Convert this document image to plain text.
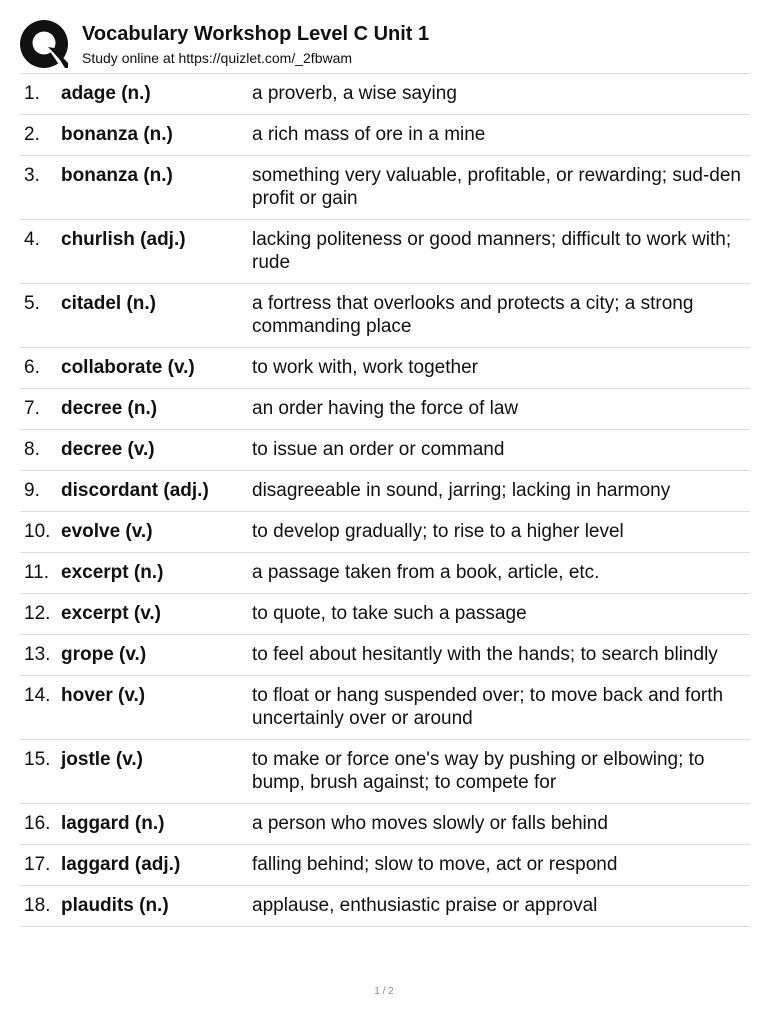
Vocabulary Workshop Level C Unit 1
Study online at https://quizlet.com/_2fbwam
1.	adage (n.)	a proverb, a wise saying
2.	bonanza (n.)	a rich mass of ore in a mine
3.	bonanza (n.)	something very valuable, profitable, or rewarding; sud-den profit or gain
4.	churlish (adj.)	lacking politeness or good manners; difficult to work with; rude
5.	citadel (n.)	a fortress that overlooks and protects a city; a strong commanding place
6.	collaborate (v.)	to work with, work together
7.	decree (n.)	an order having the force of law
8.	decree (v.)	to issue an order or command
9.	discordant (adj.)	disagreeable in sound, jarring; lacking in harmony
10. evolve (v.)	to develop gradually; to rise to a higher level
11. excerpt (n.)	a passage taken from a book, article, etc.
12. excerpt (v.)	to quote, to take such a passage
13. grope (v.)	to feel about hesitantly with the hands; to search blindly
14. hover (v.)	to float or hang suspended over; to move back and forth uncertainly over or around
15. jostle (v.)	to make or force one's way by pushing or elbowing; to bump, brush against; to compete for
16. laggard (n.)	a person who moves slowly or falls behind
17. laggard (adj.)	falling behind; slow to move, act or respond
18. plaudits (n.)	applause, enthusiastic praise or approval
1 / 2
